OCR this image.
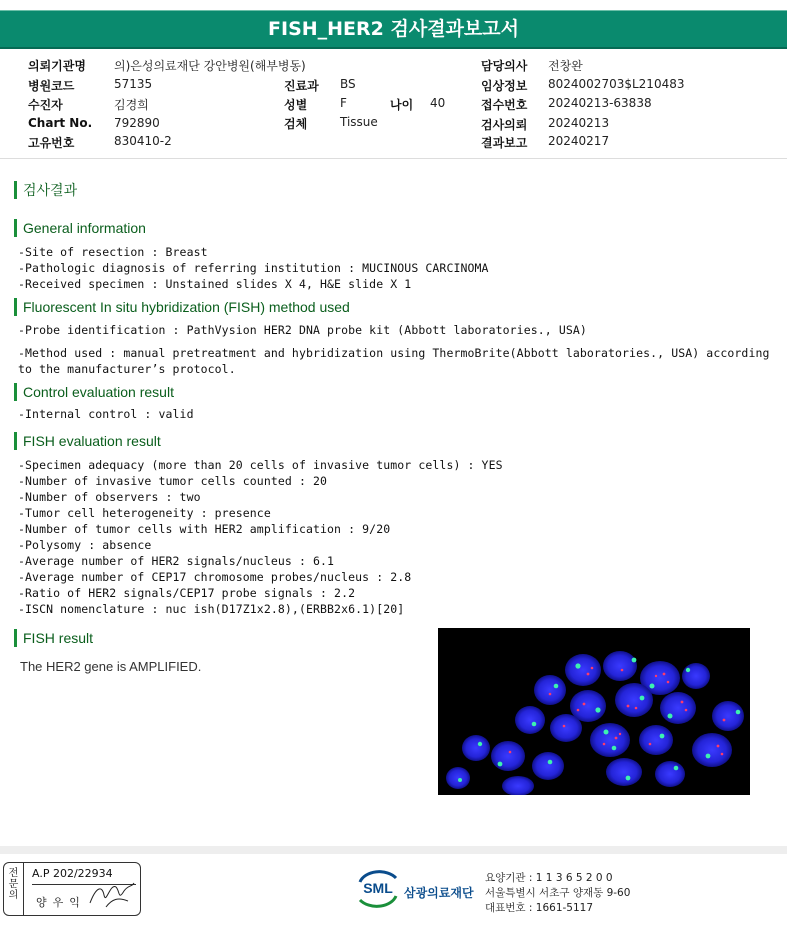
FISH_HER2 검사결과보고서
의뢰기관명 의)은성의료재단 강안병원(해부병동)
병원코드	57135
수진자	김경희
Chart No. 792890
고유번호	830410-2
진료과 BS
성별	F	나이 40
검체	Tissue
담당의사 전창완
임상정보 8024002703$L210483
접수번호 20240213-63838
검사의뢰 20240213
결과보고 20240217
검사결과
General information
-Site of resection : Breast
-Pathologic diagnosis of referring institution : MUCINOUS CARCINOMA
-Received specimen : Unstained slides X 4, H&E slide X 1
Fluorescent In situ hybridization (FISH) method used
-Probe identification : PathVysion HER2 DNA probe kit (Abbott laboratories., USA)
-Method used : manual pretreatment and hybridization using ThermoBrite(Abbott laboratories., USA) according
to the manufacturer’s protocol.
Control evaluation result
-Internal control : valid
FISH evaluation result
-Specimen adequacy (more than 20 cells of invasive tumor cells) : YES
-Number of invasive tumor cells counted : 20
-Number of observers : two
-Tumor cell heterogeneity : presence
-Number of tumor cells with HER2 amplification : 9/20
-Polysomy : absence
-Average number of HER2 signals/nucleus : 6.1
-Average number of CEP17 chromosome probes/nucleus : 2.8
-Ratio of HER2 signals/CEP17 probe signals : 2.2
-ISCN nomenclature : nuc ish(D17Z1x2.8),(ERBB2x6.1)[20]
FISH result
The HER2 gene is AMPLIFIED.
전문의
A.P 202/22934
양우익
SML 삼광의료재단
요양기관 : 1 1 3 6 5 2 0 0
서울특별시 서초구 양재동 9-60
대표번호 : 1661-5117
